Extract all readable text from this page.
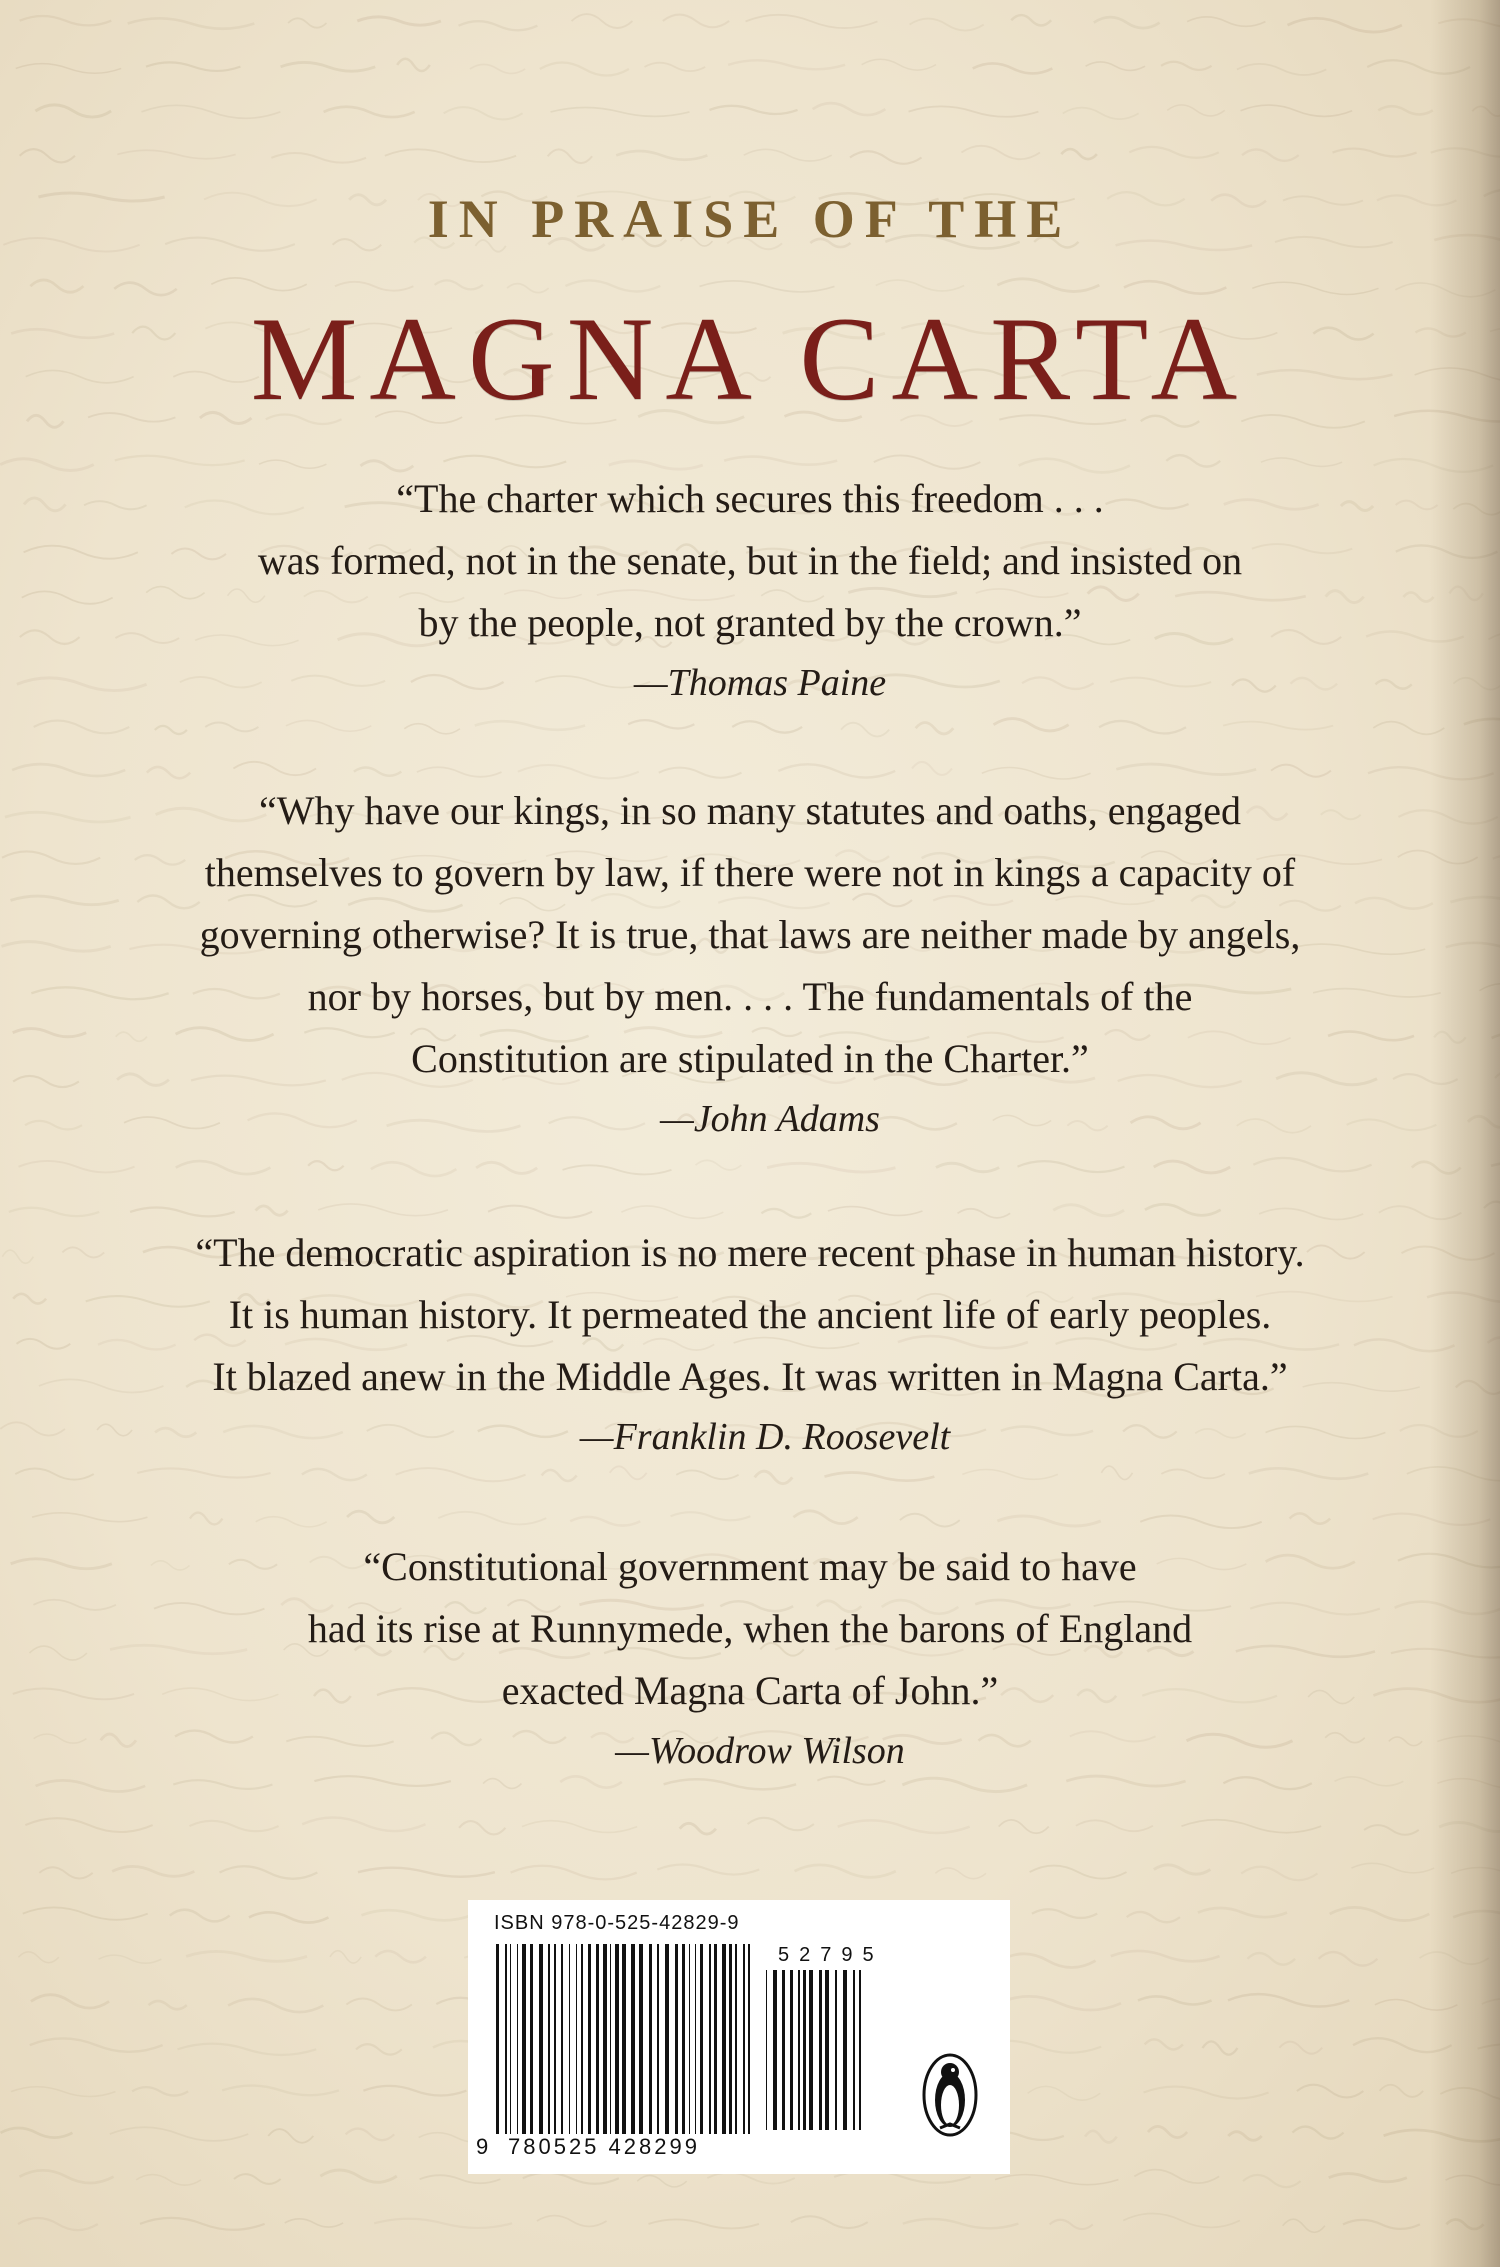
IN PRAISE OF THE
MAGNA CARTA
“The charter which secures this freedom . . .
was formed, not in the senate, but in the field; and insisted on
by the people, not granted by the crown.”
—Thomas Paine
“Why have our kings, in so many statutes and oaths, engaged
themselves to govern by law, if there were not in kings a capacity of
governing otherwise? It is true, that laws are neither made by angels,
nor by horses, but by men. . . . The fundamentals of the
Constitution are stipulated in the Charter.”
—John Adams
“The democratic aspiration is no mere recent phase in human history.
It is human history. It permeated the ancient life of early peoples.
It blazed anew in the Middle Ages. It was written in Magna Carta.”
—Franklin D. Roosevelt
“Constitutional government may be said to have
had its rise at Runnymede, when the barons of England
exacted Magna Carta of John.”
—Woodrow Wilson
ISBN 978-0-525-42829-9
52795
9 780525 428299
